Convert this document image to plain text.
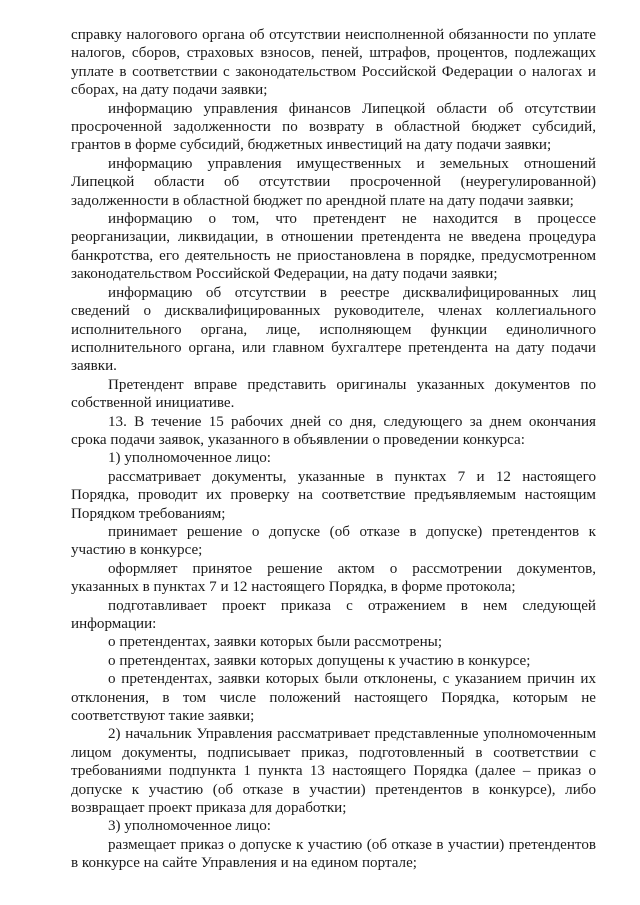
справку налогового органа об отсутствии неисполненной обязанности по уплате налогов, сборов, страховых взносов, пеней, штрафов, процентов, подлежащих уплате в соответствии с законодательством Российской Федерации о налогах и сборах, на дату подачи заявки;

информацию управления финансов Липецкой области об отсутствии просроченной задолженности по возврату в областной бюджет субсидий, грантов в форме субсидий, бюджетных инвестиций на дату подачи заявки;

информацию управления имущественных и земельных отношений Липецкой области об отсутствии просроченной (неурегулированной) задолженности в областной бюджет по арендной плате на дату подачи заявки;

информацию о том, что претендент не находится в процессе реорганизации, ликвидации, в отношении претендента не введена процедура банкротства, его деятельность не приостановлена в порядке, предусмотренном законодательством Российской Федерации, на дату подачи заявки;

информацию об отсутствии в реестре дисквалифицированных лиц сведений о дисквалифицированных руководителе, членах коллегиального исполнительного органа, лице, исполняющем функции единоличного исполнительного органа, или главном бухгалтере претендента на дату подачи заявки.

Претендент вправе представить оригиналы указанных документов по собственной инициативе.

13. В течение 15 рабочих дней со дня, следующего за днем окончания срока подачи заявок, указанного в объявлении о проведении конкурса:

1) уполномоченное лицо:

рассматривает документы, указанные в пунктах 7 и 12 настоящего Порядка, проводит их проверку на соответствие предъявляемым настоящим Порядком требованиям;

принимает решение о допуске (об отказе в допуске) претендентов к участию в конкурсе;

оформляет принятое решение актом о рассмотрении документов, указанных в пунктах 7 и 12 настоящего Порядка, в форме протокола;

подготавливает проект приказа с отражением в нем следующей информации:

о претендентах, заявки которых были рассмотрены;

о претендентах, заявки которых допущены к участию в конкурсе;

о претендентах, заявки которых были отклонены, с указанием причин их отклонения, в том числе положений настоящего Порядка, которым не соответствуют такие заявки;

2) начальник Управления рассматривает представленные уполномоченным лицом документы, подписывает приказ, подготовленный в соответствии с требованиями подпункта 1 пункта 13 настоящего Порядка (далее – приказ о допуске к участию (об отказе в участии) претендентов в конкурсе), либо возвращает проект приказа для доработки;

3) уполномоченное лицо:

размещает приказ о допуске к участию (об отказе в участии) претендентов в конкурсе на сайте Управления и на едином портале;
